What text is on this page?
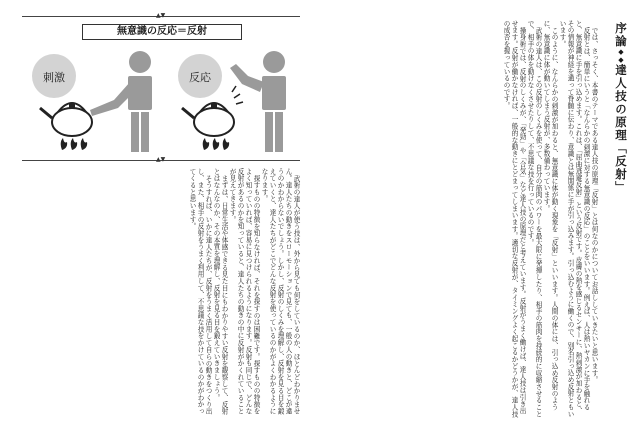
▲▼
無意識の反応＝反射
刺激	反応
▲▼

武術の達人が使う技は、外から見ても何をしているのか、ほとんどわかりません。達人たちの動きをスローモーションで見ても、一般の人の動きと、どこが違うのかわからないでしょう。しかし、反射のしくみを理解し、反射を見る目を鍛えていくと、達人たちがどこでどんな反射を使っているのかがよくわかるようになります。

探すものの特徴を知らなければ、それを探すのは困難です。探すものの特徴をよく知っていれば、容易に見つけられるようになります。反射も同じで、どんな反射があるのかを知っていると、達人たちの動きの中に反射がかくれていることが見えてきます。

まずは、日常生活や体感できる見た目にもわかりやすい反射を観察して、反射とはなんなのか、その本質を理解し、反射を見る目を鍛えていきましょう。

そうすれば、いかに達人たちが、反射をうまく活用して自らの動きをつくり出し、また、相手の反射をうまく利用して、不思議な技をかけているのかがわかってくると思います。

序論◆◆達人技の原理「反射」

では、さっそく、本書のテーマである達人技の原理「反射」とは何なのかについてお話ししていきたいと思います。

反射とは、簡単にいうと「なんらかの刺激に対する無意識の反応」のことをいいます。例えば、人は熱いヤカンに手を触れると、無意識に手を引っ込めます。これは、「屈曲逃避反射」という反射です。皮膚の熱を感じるセンサーに、熱刺激が加わると、その情報が神経を通って脊髄に伝わり、意識とは無関係に手が引っ込みます。引っ込むように働くので、別名引っ込め反射ともいいます。

このように、なんらかの刺激が加わると、無意識に体が動く現象を「反射」といいます。人間の体には、引っ込め反射のように、無意識に体が動いてしまう反射が、多数備わっています。

武術の達人は、この反射のしくみを使って、自分の筋肉のパワーを最大限に発揮したり、相手の筋肉を持続的に収縮させることで、相手の体を動けなくさせたりして、不思議な技を行っているのです。

操身術では、反射のしくみが、「発勁」や「合気」など達人技の原理だと考えています。反射がうまく働けば、達人技は引き出せます。反射が働かなければ、一般的な動きにとどまってしまいます。適切な反射が、タイミングよく起こるかどうかが、達人技の成否を握っているのです。
